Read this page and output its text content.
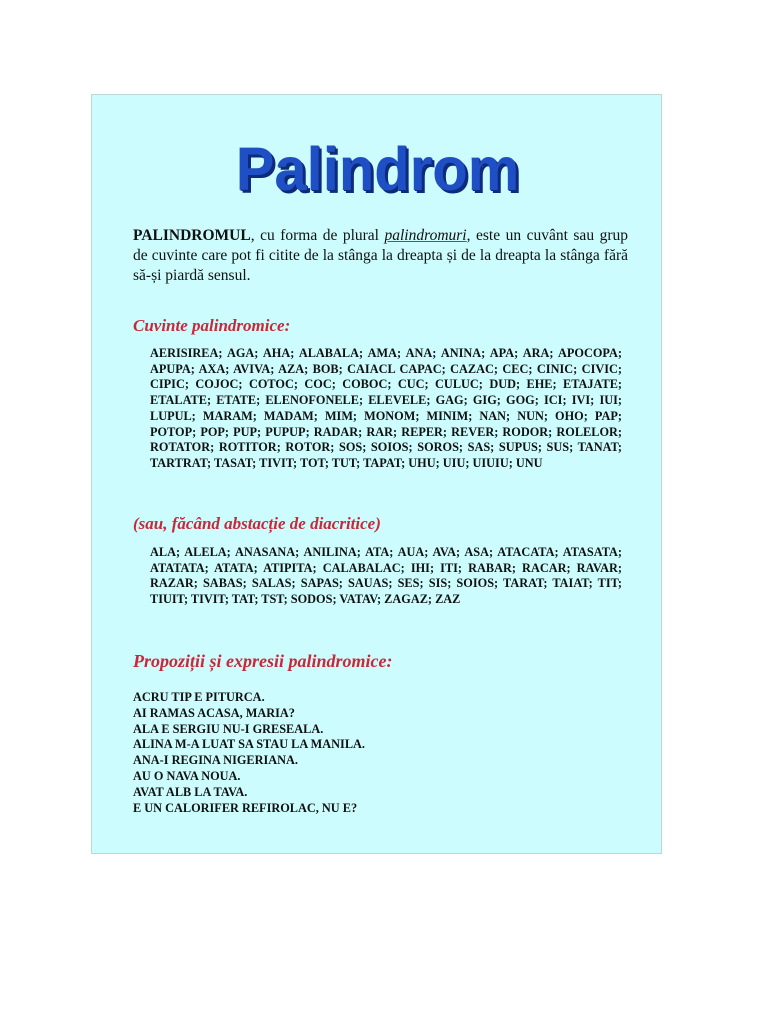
Palindrom
PALINDROMUL, cu forma de plural palindromuri, este un cuvânt sau grup de cuvinte care pot fi citite de la stânga la dreapta și de la dreapta la stânga fără să-și piardă sensul.
Cuvinte palindromice:
AERISIREA; AGA; AHA; ALABALA; AMA; ANA; ANINA; APA; ARA; APOCOPA; APUPA; AXA; AVIVA; AZA; BOB; CAIACL CAPAC; CAZAC; CEC; CINIC; CIVIC; CIPIC; COJOC; COTOC; COC; COBOC; CUC; CULUC; DUD; EHE; ETAJATE; ETALATE; ETATE; ELENOFONELE; ELEVELE; GAG; GIG; GOG; ICI; IVI; IUI; LUPUL; MARAM; MADAM; MIM; MONOM; MINIM; NAN; NUN; OHO; PAP; POTOP; POP; PUP; PUPUP; RADAR; RAR; REPER; REVER; RODOR; ROLELOR; ROTATOR; ROTITOR; ROTOR; SOS; SOIOS; SOROS; SAS; SUPUS; SUS; TANAT; TARTRAT; TASAT; TIVIT; TOT; TUT; TAPAT; UHU; UIU; UIUIU; UNU
(sau, făcând abstacție de diacritice)
ALA; ALELA; ANASANA; ANILINA; ATA; AUA; AVA; ASA; ATACATA; ATASATA; ATATATA; ATATA; ATIPITA; CALABALAC; IHI; ITI; RABAR; RACAR; RAVAR; RAZAR; SABAS; SALAS; SAPAS; SAUAS; SES; SIS; SOIOS; TARAT; TAIAT; TIT; TIUIT; TIVIT; TAT; TST; SODOS; VATAV; ZAGAZ; ZAZ
Propoziții și expresii palindromice:
ACRU TIP E PITURCA.
AI RAMAS ACASA, MARIA?
ALA E SERGIU NU-I GRESEALA.
ALINA M-A LUAT SA STAU LA MANILA.
ANA-I REGINA NIGERIANA.
AU O NAVA NOUA.
AVAT ALB LA TAVA.
E UN CALORIFER REFIROLAC, NU E?
